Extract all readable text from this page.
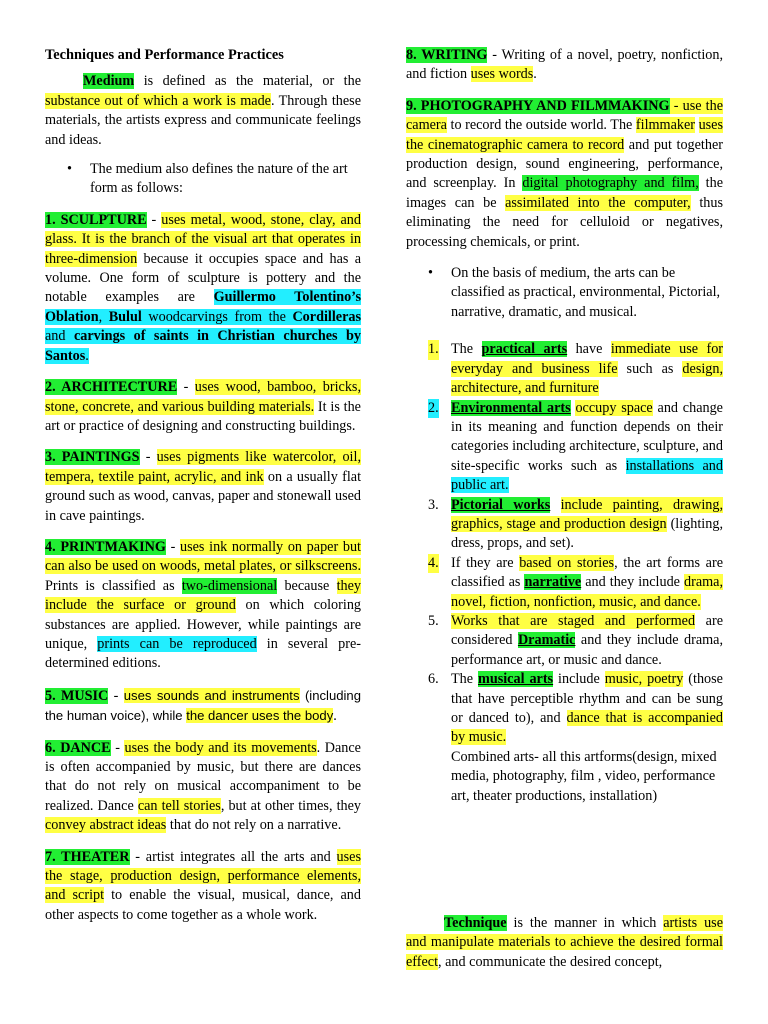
Techniques and Performance Practices

Medium is defined as the material, or the substance out of which a work is made. Through these materials, the artists express and communicate feelings and ideas.

• The medium also defines the nature of the art form as follows:

1. SCULPTURE - uses metal, wood, stone, clay, and glass. It is the branch of the visual art that operates in three-dimension because it occupies space and has a volume. One form of sculpture is pottery and the notable examples are Guillermo Tolentino’s Oblation, Bulul woodcarvings from the Cordilleras and carvings of saints in Christian churches by Santos.

2. ARCHITECTURE - uses wood, bamboo, bricks, stone, concrete, and various building materials. It is the art or practice of designing and constructing buildings.

3. PAINTINGS - uses pigments like watercolor, oil, tempera, textile paint, acrylic, and ink on a usually flat ground such as wood, canvas, paper and stonewall used in cave paintings.

4. PRINTMAKING - uses ink normally on paper but can also be used on woods, metal plates, or silkscreens. Prints is classified as two-dimensional because they include the surface or ground on which coloring substances are applied. However, while paintings are unique, prints can be reproduced in several pre-determined editions.

5. MUSIC - uses sounds and instruments (including the human voice), while the dancer uses the body.

6. DANCE - uses the body and its movements. Dance is often accompanied by music, but there are dances that do not rely on musical accompaniment to be realized. Dance can tell stories, but at other times, they convey abstract ideas that do not rely on a narrative.

7. THEATER - artist integrates all the arts and uses the stage, production design, performance elements, and script to enable the visual, musical, dance, and other aspects to come together as a whole work.

8. WRITING - Writing of a novel, poetry, nonfiction, and fiction uses words.

9. PHOTOGRAPHY AND FILMMAKING - use the camera to record the outside world. The filmmaker uses the cinematographic camera to record and put together production design, sound engineering, performance, and screenplay. In digital photography and film, the images can be assimilated into the computer, thus eliminating the need for celluloid or negatives, processing chemicals, or print.

• On the basis of medium, the arts can be classified as practical, environmental, Pictorial, narrative, dramatic, and musical.
1. The practical arts have immediate use for everyday and business life such as design, architecture, and furniture
2. Environmental arts occupy space and change in its meaning and function depends on their categories including architecture, sculpture, and site-specific works such as installations and public art.
3. Pictorial works include painting, drawing, graphics, stage and production design (lighting, dress, props, and set).
4. If they are based on stories, the art forms are classified as narrative and they include drama, novel, fiction, nonfiction, music, and dance.
5. Works that are staged and performed are considered Dramatic and they include drama, performance art, or music and dance.
6. The musical arts include music, poetry (those that have perceptible rhythm and can be sung or danced to), and dance that is accompanied by music.

Combined arts- all this artforms(design, mixed media, photography, film , video, performance art, theater productions, installation)

Technique is the manner in which artists use and manipulate materials to achieve the desired formal effect, and communicate the desired concept,
